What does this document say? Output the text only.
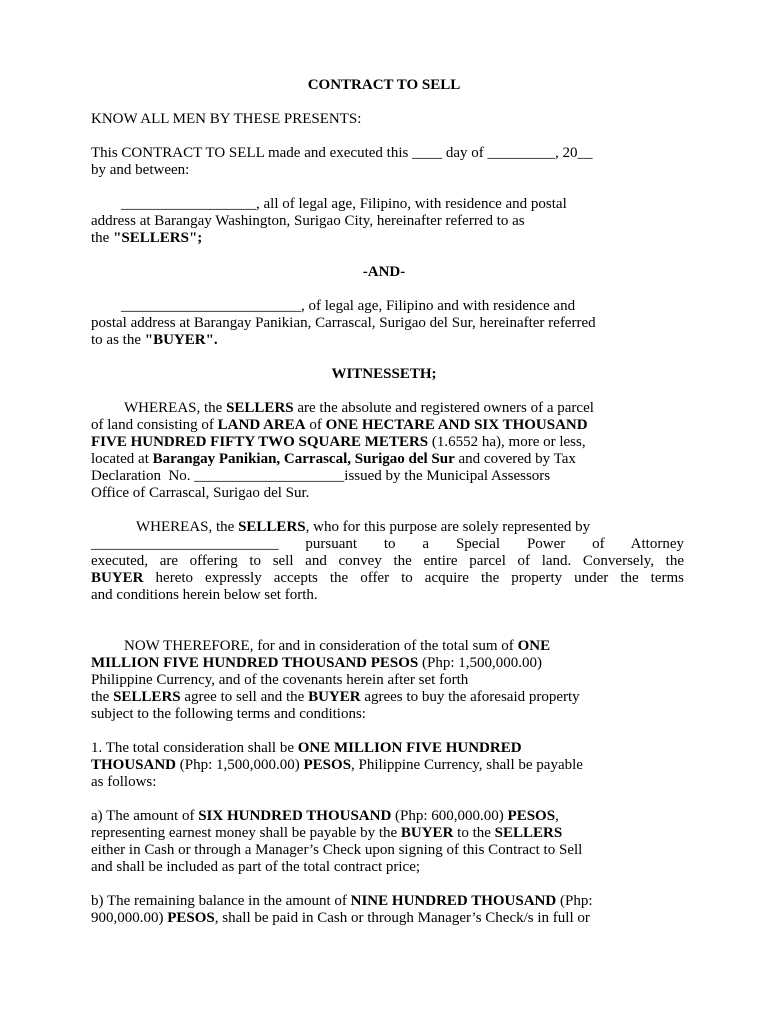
CONTRACT TO SELL
KNOW ALL MEN BY THESE PRESENTS:
This CONTRACT TO SELL made and executed this ____ day of _________, 20__
by and between:
__________________, all of legal age, Filipino, with residence and postal
address at Barangay Washington, Surigao City, hereinafter referred to as
the "SELLERS";
-AND-
________________________, of legal age, Filipino and with residence and
postal address at Barangay Panikian, Carrascal, Surigao del Sur, hereinafter referred
to as the "BUYER".
WITNESSETH;
WHEREAS, the SELLERS are the absolute and registered owners of a parcel
of land consisting of LAND AREA of ONE HECTARE AND SIX THOUSAND
FIVE HUNDRED FIFTY TWO SQUARE METERS (1.6552 ha), more or less,
located at Barangay Panikian, Carrascal, Surigao del Sur and covered by Tax
Declaration  No. ____________________issued by the Municipal Assessors
Office of Carrascal, Surigao del Sur.
WHEREAS, the SELLERS, who for this purpose are solely represented by
_________________________ pursuant to a Special Power of Attorney
executed, are offering to sell and convey the entire parcel of land. Conversely, the
BUYER hereto expressly accepts the offer to acquire the property under the terms
and conditions herein below set forth.
NOW THEREFORE, for and in consideration of the total sum of ONE
MILLION FIVE HUNDRED THOUSAND PESOS (Php: 1,500,000.00)
Philippine Currency, and of the covenants herein after set forth
the SELLERS agree to sell and the BUYER agrees to buy the aforesaid property
subject to the following terms and conditions:
1. The total consideration shall be ONE MILLION FIVE HUNDRED
THOUSAND (Php: 1,500,000.00) PESOS, Philippine Currency, shall be payable
as follows:
a) The amount of SIX HUNDRED THOUSAND (Php: 600,000.00) PESOS,
representing earnest money shall be payable by the BUYER to the SELLERS
either in Cash or through a Manager’s Check upon signing of this Contract to Sell
and shall be included as part of the total contract price;
b) The remaining balance in the amount of NINE HUNDRED THOUSAND (Php:
900,000.00) PESOS, shall be paid in Cash or through Manager’s Check/s in full or
